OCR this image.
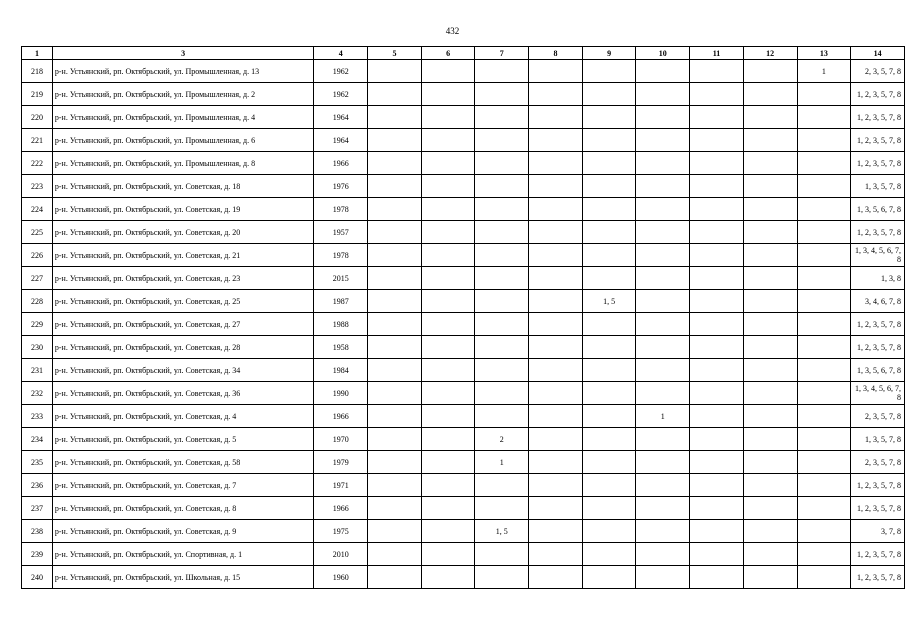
432
1	3	4	5	6	7	8	9	10	11	12	13	14
218	р-н. Устьянский, рп. Октябрьский, ул. Промышленная, д. 13	1962									1	2, 3, 5, 7, 8
219	р-н. Устьянский, рп. Октябрьский, ул. Промышленная, д. 2	1962										1, 2, 3, 5, 7, 8
220	р-н. Устьянский, рп. Октябрьский, ул. Промышленная, д. 4	1964										1, 2, 3, 5, 7, 8
221	р-н. Устьянский, рп. Октябрьский, ул. Промышленная, д. 6	1964										1, 2, 3, 5, 7, 8
222	р-н. Устьянский, рп. Октябрьский, ул. Промышленная, д. 8	1966										1, 2, 3, 5, 7, 8
223	р-н. Устьянский, рп. Октябрьский, ул. Советская, д. 18	1976										1, 3, 5, 7, 8
224	р-н. Устьянский, рп. Октябрьский, ул. Советская, д. 19	1978										1, 3, 5, 6, 7, 8
225	р-н. Устьянский, рп. Октябрьский, ул. Советская, д. 20	1957										1, 2, 3, 5, 7, 8
226	р-н. Устьянский, рп. Октябрьский, ул. Советская, д. 21	1978										1, 3, 4, 5, 6, 7, 8
227	р-н. Устьянский, рп. Октябрьский, ул. Советская, д. 23	2015										1, 3, 8
228	р-н. Устьянский, рп. Октябрьский, ул. Советская, д. 25	1987					1, 5					3, 4, 6, 7, 8
229	р-н. Устьянский, рп. Октябрьский, ул. Советская, д. 27	1988										1, 2, 3, 5, 7, 8
230	р-н. Устьянский, рп. Октябрьский, ул. Советская, д. 28	1958										1, 2, 3, 5, 7, 8
231	р-н. Устьянский, рп. Октябрьский, ул. Советская, д. 34	1984										1, 3, 5, 6, 7, 8
232	р-н. Устьянский, рп. Октябрьский, ул. Советская, д. 36	1990										1, 3, 4, 5, 6, 7, 8
233	р-н. Устьянский, рп. Октябрьский, ул. Советская, д. 4	1966						1				2, 3, 5, 7, 8
234	р-н. Устьянский, рп. Октябрьский, ул. Советская, д. 5	1970			2							1, 3, 5, 7, 8
235	р-н. Устьянский, рп. Октябрьский, ул. Советская, д. 58	1979			1							2, 3, 5, 7, 8
236	р-н. Устьянский, рп. Октябрьский, ул. Советская, д. 7	1971										1, 2, 3, 5, 7, 8
237	р-н. Устьянский, рп. Октябрьский, ул. Советская, д. 8	1966										1, 2, 3, 5, 7, 8
238	р-н. Устьянский, рп. Октябрьский, ул. Советская, д. 9	1975			1, 5							3, 7, 8
239	р-н. Устьянский, рп. Октябрьский, ул. Спортивная, д. 1	2010										1, 2, 3, 5, 7, 8
240	р-н. Устьянский, рп. Октябрьский, ул. Школьная, д. 15	1960										1, 2, 3, 5, 7, 8
